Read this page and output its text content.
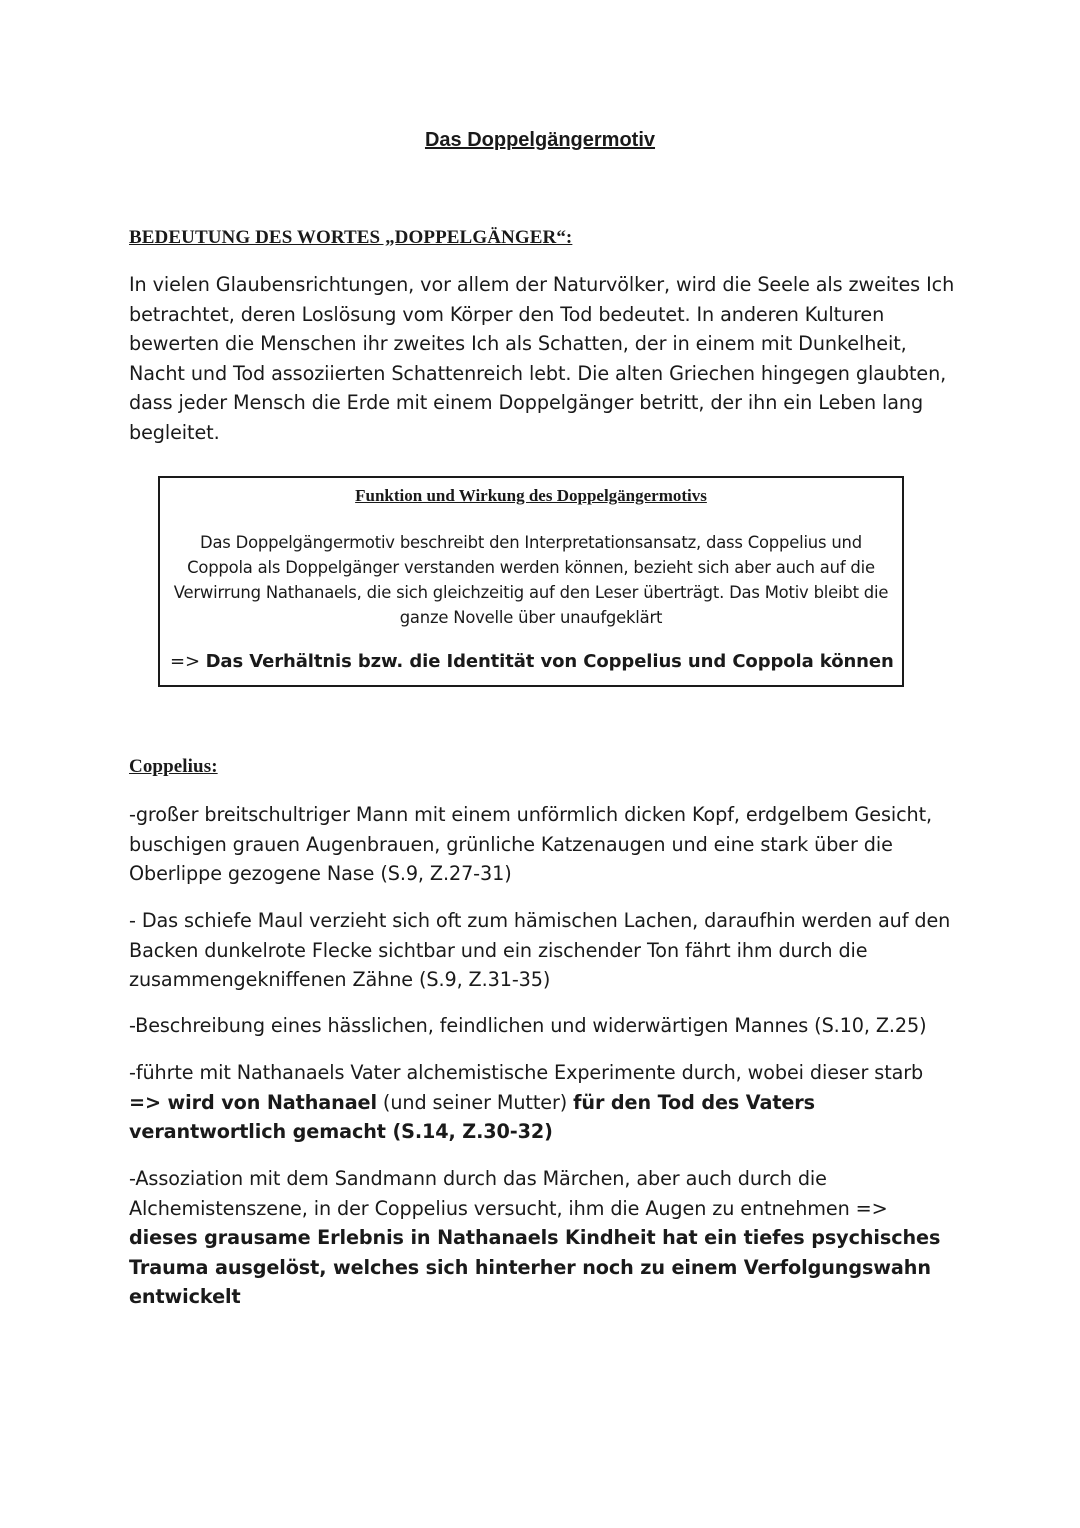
Das Doppelgängermotiv
BEDEUTUNG DES WORTES „DOPPELGÄNGER“:

In vielen Glaubensrichtungen, vor allem der Naturvölker, wird die Seele als zweites Ich betrachtet, deren Loslösung vom Körper den Tod bedeutet. In anderen Kulturen bewerten die Menschen ihr zweites Ich als Schatten, der in einem mit Dunkelheit, Nacht und Tod assoziierten Schattenreich lebt. Die alten Griechen hingegen glaubten, dass jeder Mensch die Erde mit einem Doppelgänger betritt, der ihn ein Leben lang begleitet.

Funktion und Wirkung des Doppelgängermotivs

Das Doppelgängermotiv beschreibt den Interpretationsansatz, dass Coppelius und Coppola als Doppelgänger verstanden werden können, bezieht sich aber auch auf die Verwirrung Nathanaels, die sich gleichzeitig auf den Leser überträgt. Das Motiv bleibt die ganze Novelle über unaufgeklärt

=> Das Verhältnis bzw. die Identität von Coppelius und Coppola können

Coppelius:

-großer breitschultriger Mann mit einem unförmlich dicken Kopf, erdgelbem Gesicht, buschigen grauen Augenbrauen, grünliche Katzenaugen und eine stark über die Oberlippe gezogene Nase (S.9, Z.27-31)

- Das schiefe Maul verzieht sich oft zum hämischen Lachen, daraufhin werden auf den Backen dunkelrote Flecke sichtbar und ein zischender Ton fährt ihm durch die zusammengekniffenen Zähne (S.9, Z.31-35)

-Beschreibung eines hässlichen, feindlichen und widerwärtigen Mannes (S.10, Z.25)

-führte mit Nathanaels Vater alchemistische Experimente durch, wobei dieser starb => wird von Nathanael (und seiner Mutter) für den Tod des Vaters verantwortlich gemacht (S.14, Z.30-32)

-Assoziation mit dem Sandmann durch das Märchen, aber auch durch die Alchemistenszene, in der Coppelius versucht, ihm die Augen zu entnehmen => dieses grausame Erlebnis in Nathanaels Kindheit hat ein tiefes psychisches Trauma ausgelöst, welches sich hinterher noch zu einem Verfolgungswahn entwickelt
